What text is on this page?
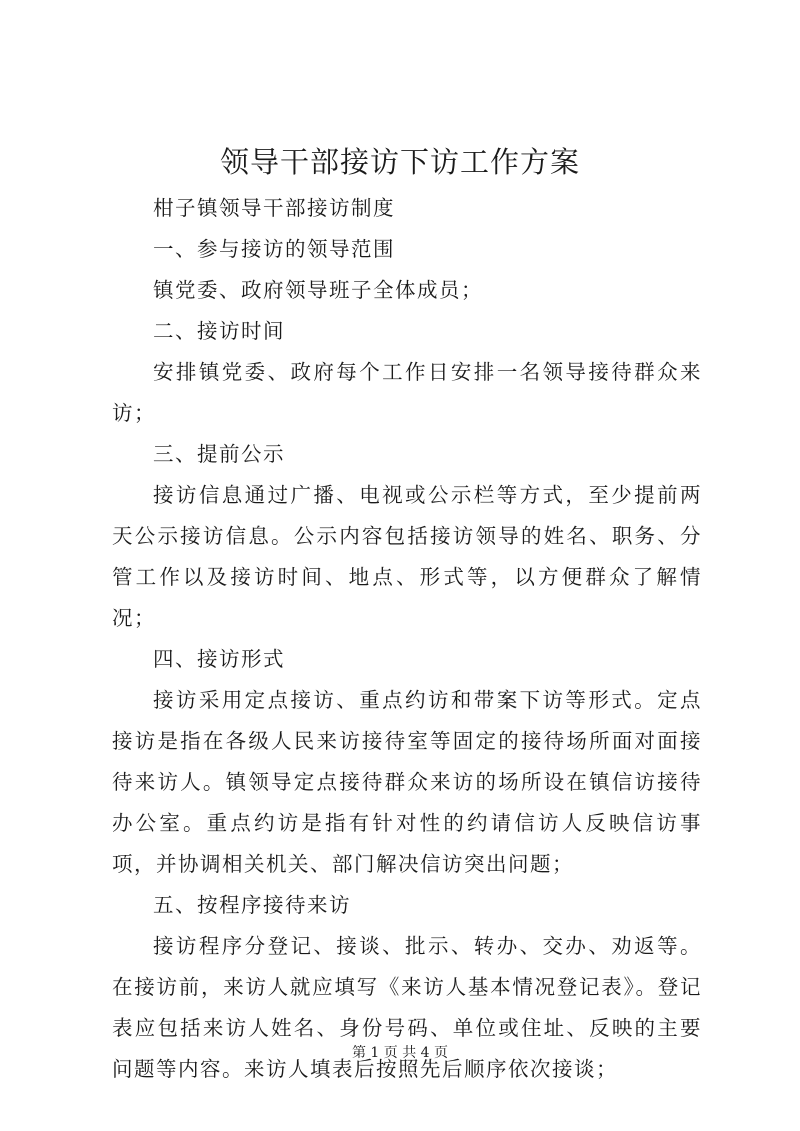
领导干部接访下访工作方案

柑子镇领导干部接访制度

一、参与接访的领导范围

镇党委、政府领导班子全体成员；

二、接访时间

安排镇党委、政府每个工作日安排一名领导接待群众来访；

三、提前公示

接访信息通过广播、电视或公示栏等方式，至少提前两天公示接访信息。公示内容包括接访领导的姓名、职务、分管工作以及接访时间、地点、形式等，以方便群众了解情况；

四、接访形式

接访采用定点接访、重点约访和带案下访等形式。定点接访是指在各级人民来访接待室等固定的接待场所面对面接待来访人。镇领导定点接待群众来访的场所设在镇信访接待办公室。重点约访是指有针对性的约请信访人反映信访事项，并协调相关机关、部门解决信访突出问题；

五、按程序接待来访

接访程序分登记、接谈、批示、转办、交办、劝返等。在接访前，来访人就应填写《来访人基本情况登记表》。登记表应包括来访人姓名、身份号码、单位或住址、反映的主要问题等内容。来访人填表后按照先后顺序依次接谈；

第 1 页 共 4 页
